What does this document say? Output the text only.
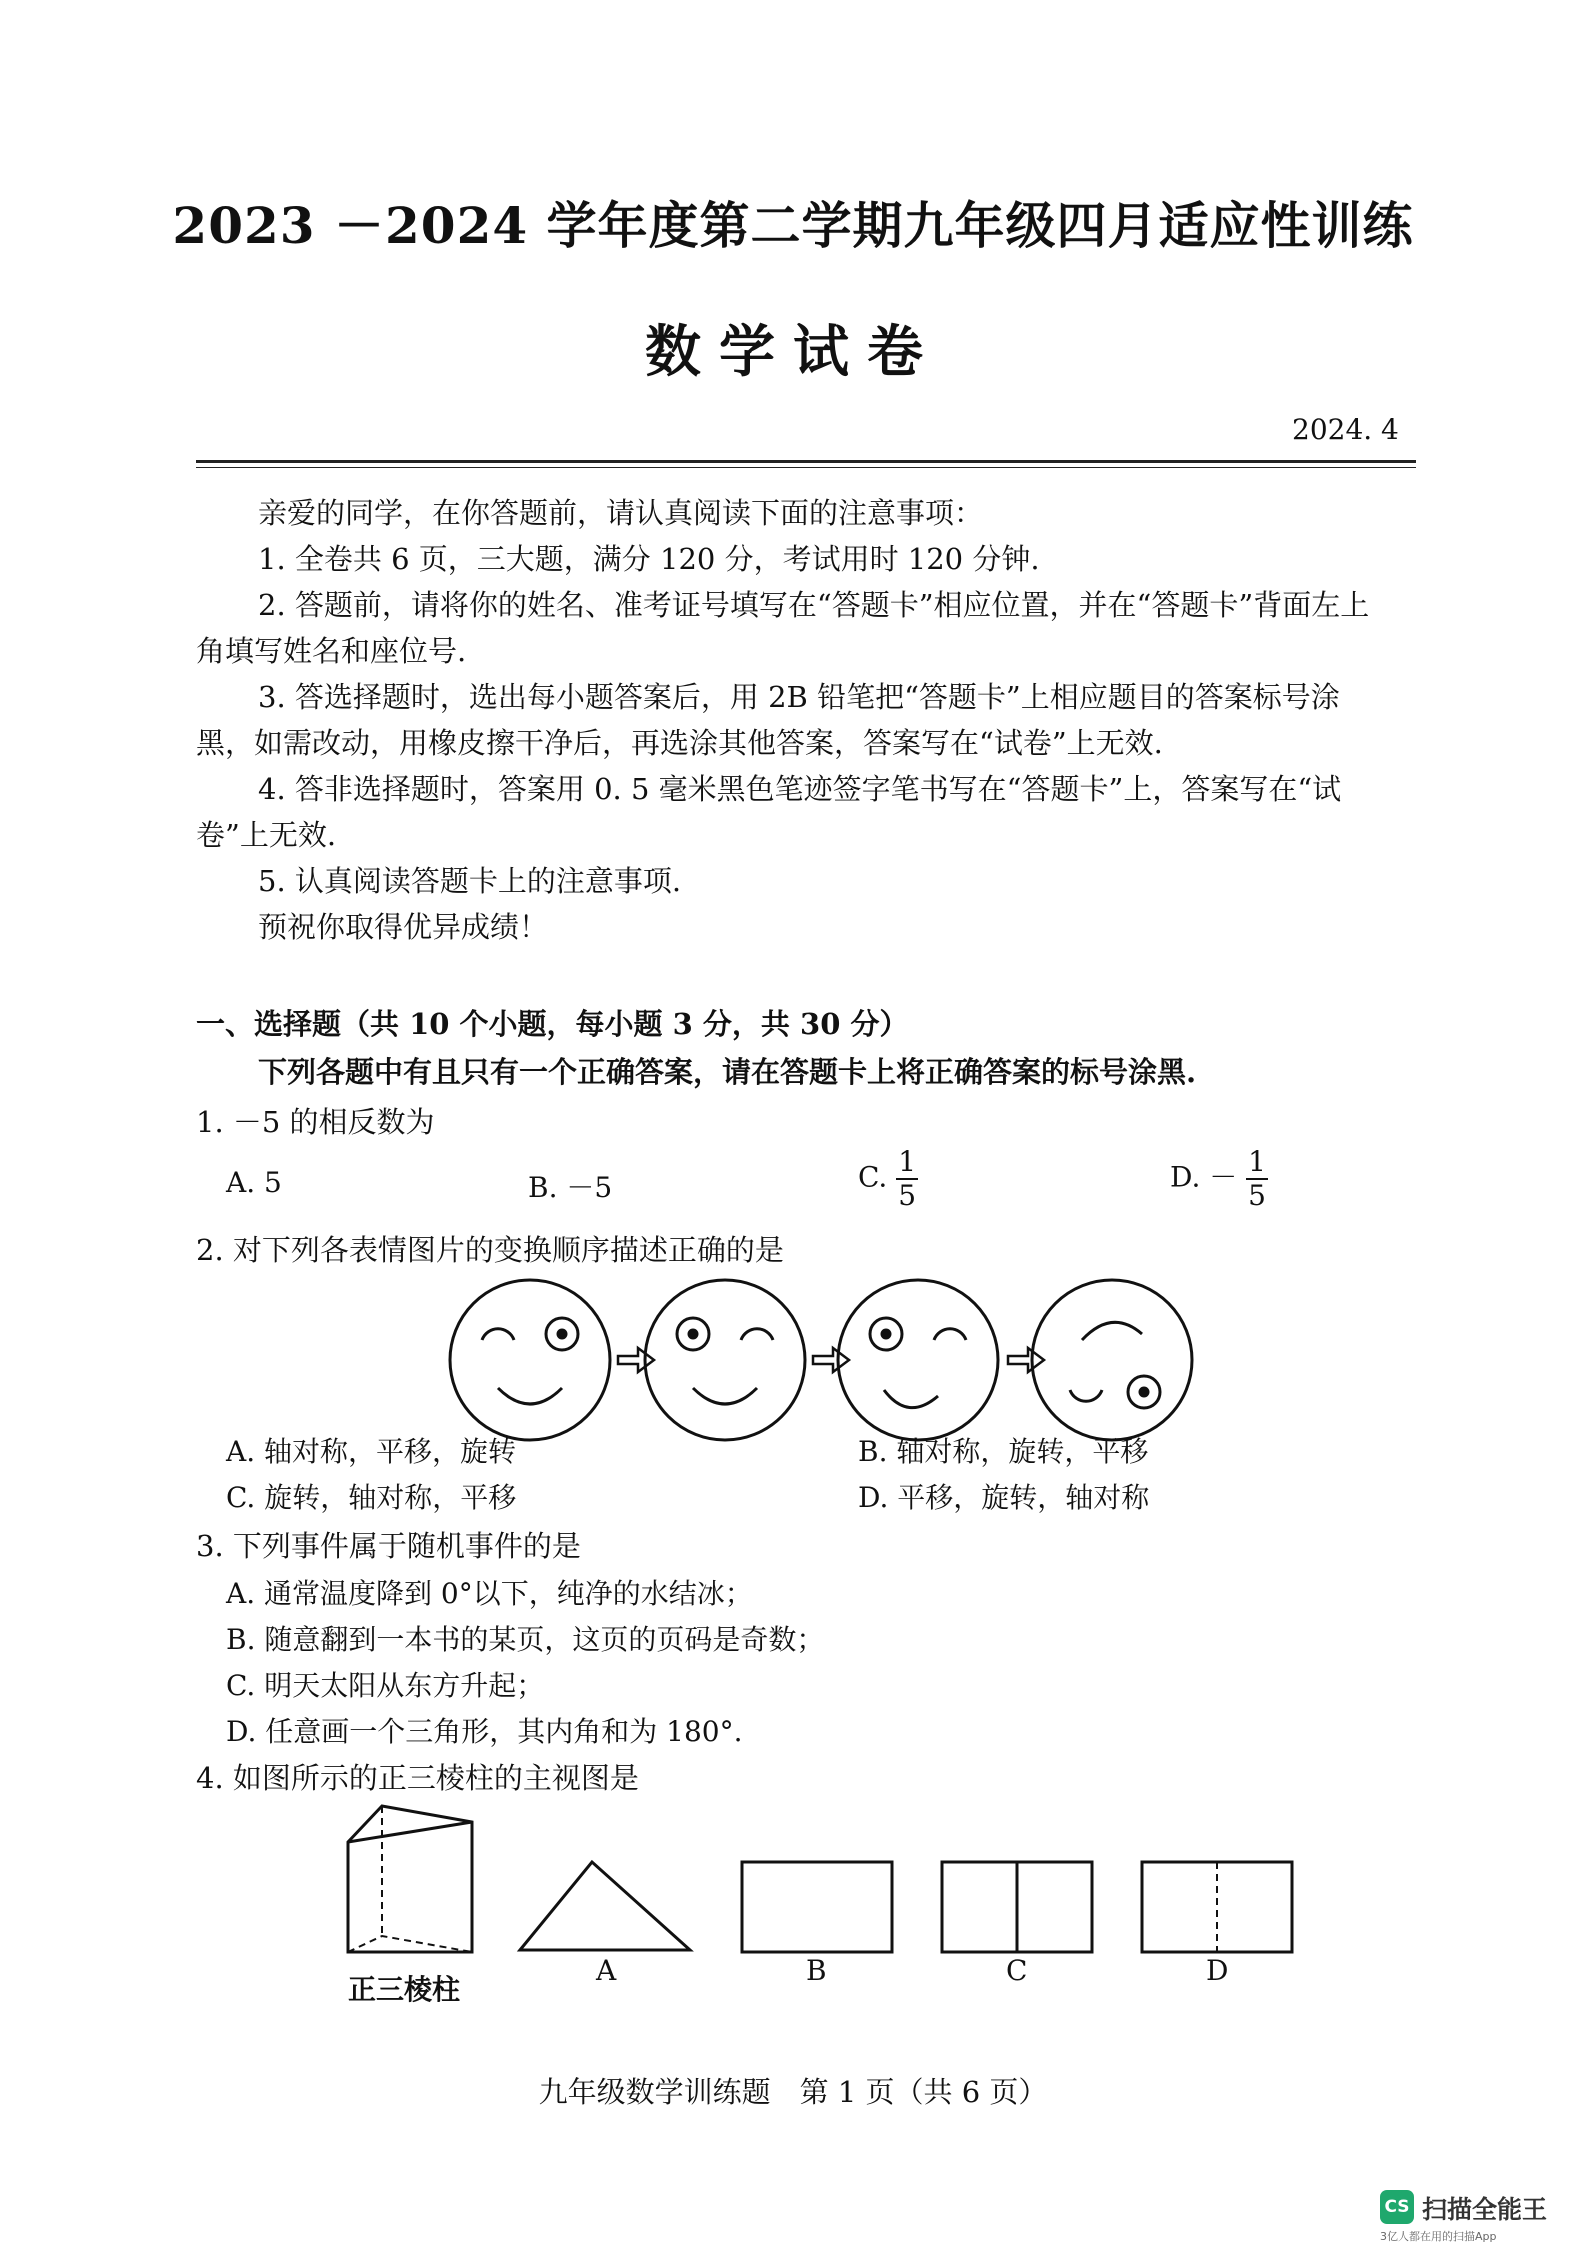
2023 －2024 学年度第二学期九年级四月适应性训练
数学试卷
2024. 4

亲爱的同学，在你答题前，请认真阅读下面的注意事项：

1. 全卷共 6 页，三大题，满分 120 分，考试用时 120 分钟.

2. 答题前，请将你的姓名、准考证号填写在“答题卡”相应位置，并在“答题卡”背面左上

角填写姓名和座位号.

3. 答选择题时，选出每小题答案后，用 2B 铅笔把“答题卡”上相应题目的答案标号涂

黑，如需改动，用橡皮擦干净后，再选涂其他答案，答案写在“试卷”上无效.

4. 答非选择题时，答案用 0. 5 毫米黑色笔迹签字笔书写在“答题卡”上，答案写在“试

卷”上无效.

5. 认真阅读答题卡上的注意事项.

预祝你取得优异成绩！

一、选择题（共 10 个小题，每小题 3 分，共 30 分）
下列各题中有且只有一个正确答案，请在答题卡上将正确答案的标号涂黑.
1. －5 的相反数为
A. 5	B. －5	C. $\frac{1}{5}$	D. － $\frac{1}{5}$
2. 对下列各表情图片的变换顺序描述正确的是
A. 轴对称，平移，旋转	B. 轴对称，旋转，平移
C. 旋转，轴对称，平移	D. 平移，旋转，轴对称
3. 下列事件属于随机事件的是
A. 通常温度降到 0°以下，纯净的水结冰；
B. 随意翻到一本书的某页，这页的页码是奇数；
C. 明天太阳从东方升起；
D. 任意画一个三角形，其内角和为 180°.
4. 如图所示的正三棱柱的主视图是
正三棱柱
A	B	C	D
九年级数学训练题　第 1 页（共 6 页）
CS 扫描全能王
3亿人都在用的扫描App
